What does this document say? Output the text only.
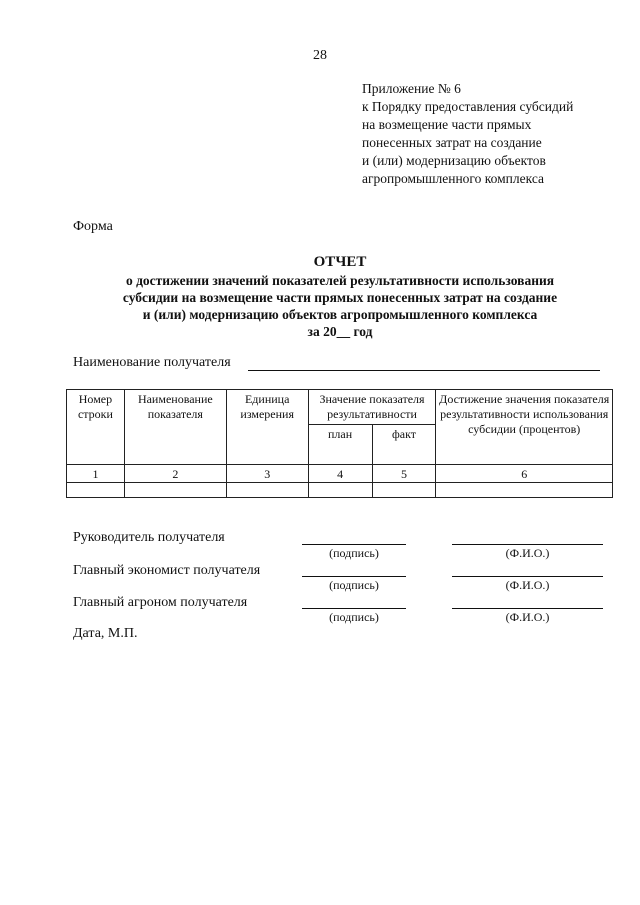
28
Приложение № 6
к Порядку предоставления субсидий
на возмещение части прямых
понесенных затрат на создание
и (или) модернизацию объектов
агропромышленного комплекса
Форма
ОТЧЕТ
о достижении значений показателей результативности использования
субсидии на возмещение части прямых понесенных затрат на создание
и (или) модернизацию объектов агропромышленного комплекса
за 20__ год
Наименование получателя
Номер строки	Наименование показателя	Единица измерения	Значение показателя результативности		Достижение значения показателя результативности использования субсидии (процентов)
			план	факт	
1	2	3	4	5	6

Руководитель получателя
(подпись)	(Ф.И.О.)
Главный экономист получателя
(подпись)	(Ф.И.О.)
Главный агроном получателя
(подпись)	(Ф.И.О.)
Дата, М.П.
